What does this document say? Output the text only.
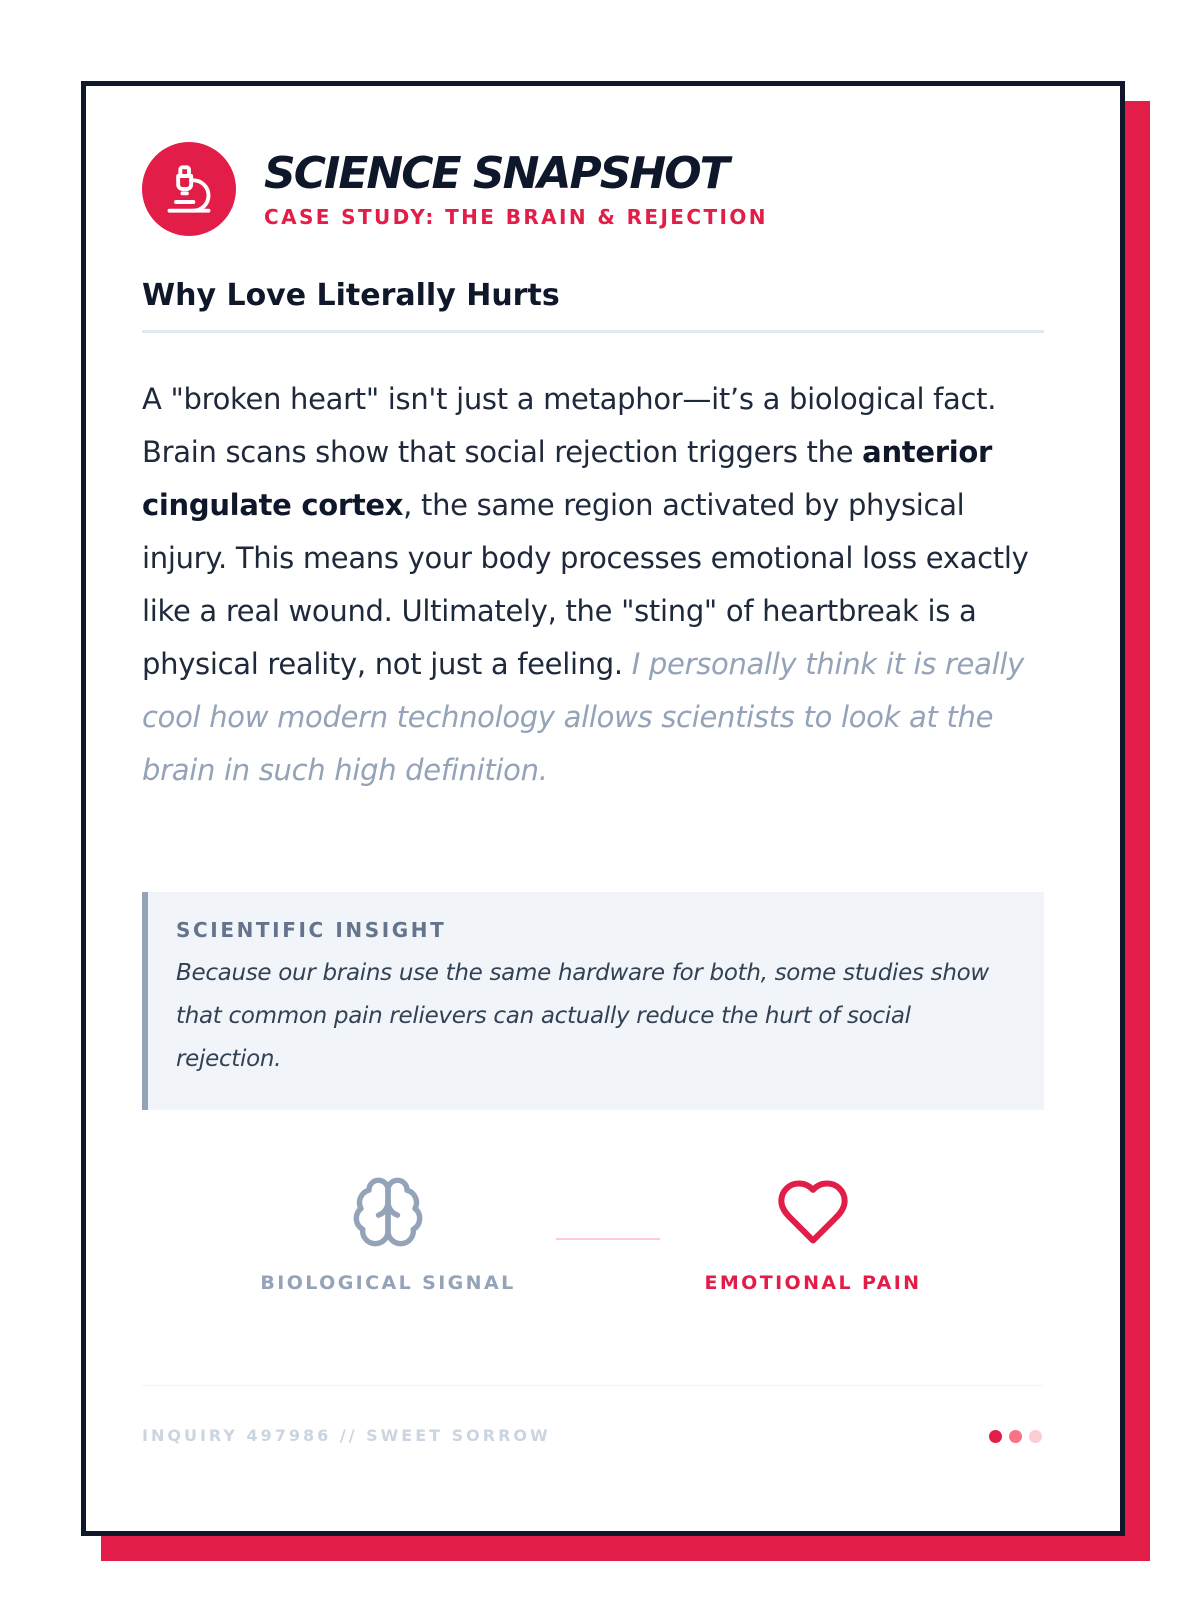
SCIENCE SNAPSHOT
CASE STUDY: THE BRAIN & REJECTION
Why Love Literally Hurts
A "broken heart" isn't just a metaphor—it’s a biological fact. Brain scans show that social rejection triggers the anterior cingulate cortex, the same region activated by physical injury. This means your body processes emotional loss exactly like a real wound. Ultimately, the "sting" of heartbreak is a physical reality, not just a feeling. I personally think it is really cool how modern technology allows scientists to look at the brain in such high definition.
SCIENTIFIC INSIGHT
Because our brains use the same hardware for both, some studies show that common pain relievers can actually reduce the hurt of social rejection.
BIOLOGICAL SIGNAL	EMOTIONAL PAIN
INQUIRY 497986 // SWEET SORROW
